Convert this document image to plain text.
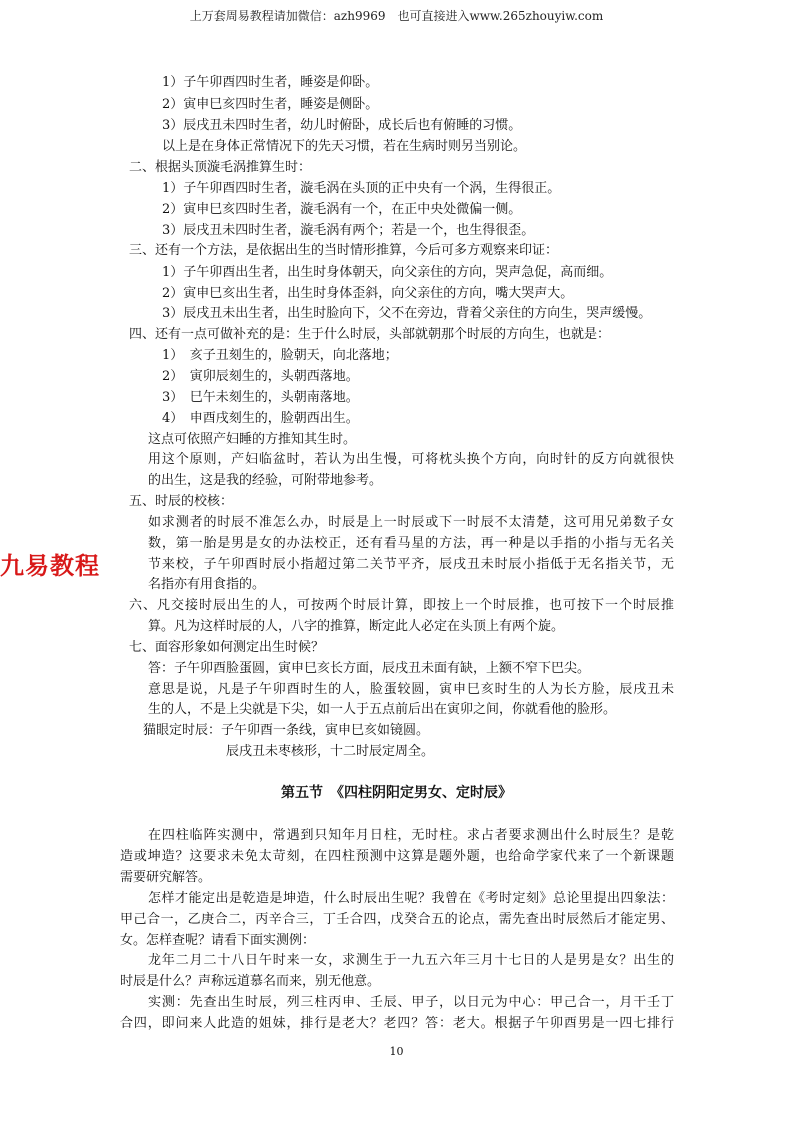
上万套周易教程请加微信：azh9969　也可直接进入www.265zhouyiw.com
1）子午卯酉四时生者，睡姿是仰卧。
2）寅申巳亥四时生者，睡姿是侧卧。
3）辰戌丑未四时生者，幼儿时俯卧，成长后也有俯睡的习惯。
以上是在身体正常情况下的先天习惯，若在生病时则另当别论。
二、根据头顶漩毛涡推算生时：
1）子午卯酉四时生者，漩毛涡在头顶的正中央有一个涡，生得很正。
2）寅申巳亥四时生者，漩毛涡有一个，在正中央处微偏一侧。
3）辰戌丑未四时生者，漩毛涡有两个；若是一个，也生得很歪。
三、还有一个方法，是依据出生的当时情形推算，今后可多方观察来印证：
1）子午卯酉出生者，出生时身体朝天，向父亲住的方向，哭声急促，高而细。
2）寅申巳亥出生者，出生时身体歪斜，向父亲住的方向，嘴大哭声大。
3）辰戌丑未出生者，出生时脸向下，父不在旁边，背着父亲住的方向生，哭声缓慢。
四、还有一点可做补充的是：生于什么时辰，头部就朝那个时辰的方向生，也就是：
1）　亥子丑刻生的，脸朝天，向北落地；
2）　寅卯辰刻生的，头朝西落地。
3）　巳午未刻生的，头朝南落地。
4）　申酉戌刻生的，脸朝西出生。
这点可依照产妇睡的方推知其生时。
用这个原则，产妇临盆时，若认为出生慢，可将枕头换个方向，向时针的反方向就很快
的出生，这是我的经验，可附带地参考。
五、时辰的校核：
如求测者的时辰不准怎么办，时辰是上一时辰或下一时辰不太清楚，这可用兄弟数子女
数，第一胎是男是女的办法校正，还有看马星的方法，再一种是以手指的小指与无名关
节来校，子午卯酉时辰小指超过第二关节平齐，辰戌丑未时辰小指低于无名指关节，无
名指亦有用食指的。
六、凡交接时辰出生的人，可按两个时辰计算，即按上一个时辰推，也可按下一个时辰推
算。凡为这样时辰的人，八字的推算，断定此人必定在头顶上有两个旋。
七、面容形象如何测定出生时候？
答：子午卯酉脸蛋圆，寅申巳亥长方面，辰戌丑未面有缺，上额不窄下巴尖。
意思是说，凡是子午卯酉时生的人，脸蛋较圆，寅申巳亥时生的人为长方脸，辰戌丑未
生的人，不是上尖就是下尖，如一人于五点前后出在寅卯之间，你就看他的脸形。
猫眼定时辰：子午卯酉一条线，寅申巳亥如镜圆。
辰戌丑未枣核形，十二时辰定周全。
九易教程
第五节　《四柱阴阳定男女、定时辰》
在四柱临阵实测中，常遇到只知年月日柱，无时柱。求占者要求测出什么时辰生？是乾
造或坤造？这要求未免太苛刻，在四柱预测中这算是题外题，也给命学家代来了一个新课题
需要研究解答。
怎样才能定出是乾造是坤造，什么时辰出生呢？我曾在《考时定刻》总论里提出四象法：
甲己合一，乙庚合二，丙辛合三，丁壬合四，戊癸合五的论点，需先查出时辰然后才能定男、
女。怎样查呢？请看下面实测例：
龙年二月二十八日午时来一女，求测生于一九五六年三月十七日的人是男是女？出生的
时辰是什么？声称远道慕名而来，别无他意。
实测：先查出生时辰，列三柱丙申、壬辰、甲子，以日元为中心：甲己合一，月干壬丁
合四，即问来人此造的姐妹，排行是老大？老四？答：老大。根据子午卯酉男是一四七排行
10
